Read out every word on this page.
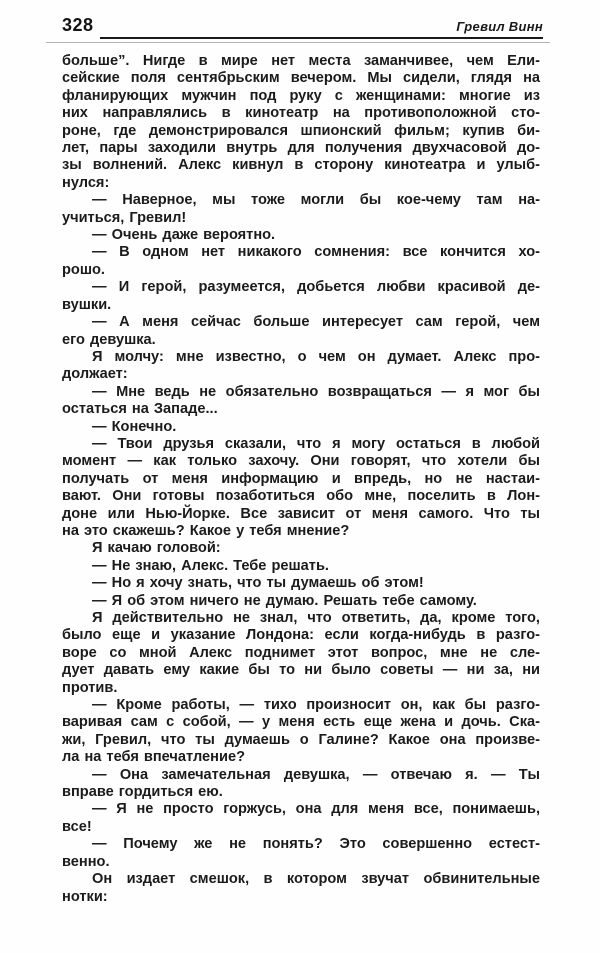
328	Гревил Винн
больше”. Нигде в мире нет места заманчивее, чем Ели-
сейские поля сентябрьским вечером. Мы сидели, глядя на
фланирующих мужчин под руку с женщинами: многие из
них направлялись в кинотеатр на противоположной сто-
роне, где демонстрировался шпионский фильм; купив би-
лет, пары заходили внутрь для получения двухчасовой до-
зы волнений. Алекс кивнул в сторону кинотеатра и улыб-
нулся:
— Наверное, мы тоже могли бы кое-чему там на-
учиться, Гревил!
— Очень даже вероятно.
— В одном нет никакого сомнения: все кончится хо-
рошо.
— И герой, разумеется, добьется любви красивой де-
вушки.
— А меня сейчас больше интересует сам герой, чем
его девушка.
Я молчу: мне известно, о чем он думает. Алекс про-
должает:
— Мне ведь не обязательно возвращаться — я мог бы
остаться на Западе...
— Конечно.
— Твои друзья сказали, что я могу остаться в любой
момент — как только захочу. Они говорят, что хотели бы
получать от меня информацию и впредь, но не настаи-
вают. Они готовы позаботиться обо мне, поселить в Лон-
доне или Нью-Йорке. Все зависит от меня самого. Что ты
на это скажешь? Какое у тебя мнение?
Я качаю головой:
— Не знаю, Алекс. Тебе решать.
— Но я хочу знать, что ты думаешь об этом!
— Я об этом ничего не думаю. Решать тебе самому.
Я действительно не знал, что ответить, да, кроме того,
было еще и указание Лондона: если когда-нибудь в разго-
воре со мной Алекс поднимет этот вопрос, мне не сле-
дует давать ему какие бы то ни было советы — ни за, ни
против.
— Кроме работы, — тихо произносит он, как бы разго-
варивая сам с собой, — у меня есть еще жена и дочь. Ска-
жи, Гревил, что ты думаешь о Галине? Какое она произве-
ла на тебя впечатление?
— Она замечательная девушка, — отвечаю я. — Ты
вправе гордиться ею.
— Я не просто горжусь, она для меня все, понимаешь,
все!
— Почему же не понять? Это совершенно естест-
венно.
Он издает смешок, в котором звучат обвинительные
нотки:
